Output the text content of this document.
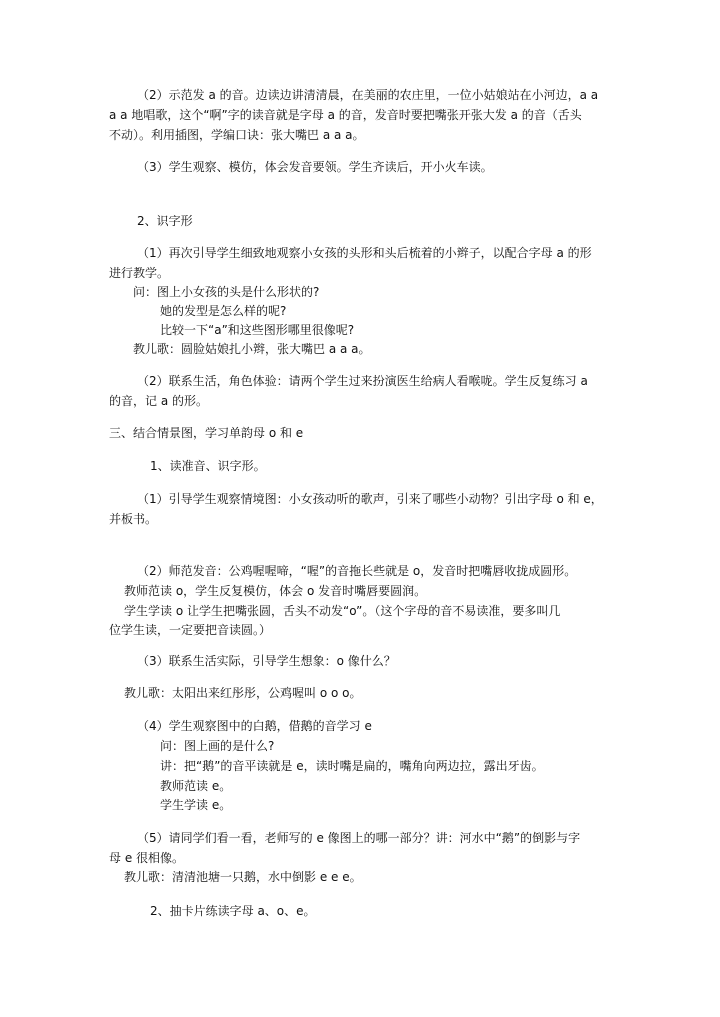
（2）示范发 a 的音。边读边讲清清晨，在美丽的农庄里，一位小姑娘站在小河边，a a

a a 地唱歌，这个“啊”字的读音就是字母 a 的音，发音时要把嘴张开张大发 a 的音（舌头

不动）。利用插图，学编口诀：张大嘴巴 a a a。

（3）学生观察、模仿，体会发音要领。学生齐读后，开小火车读。

2、识字形

（1）再次引导学生细致地观察小女孩的头形和头后梳着的小辫子，以配合字母 a 的形

进行教学。

问：图上小女孩的头是什么形状的?

她的发型是怎么样的呢?

比较一下“a”和这些图形哪里很像呢?

教儿歌：圆脸姑娘扎小辫，张大嘴巴 a a a。

（2）联系生活，角色体验：请两个学生过来扮演医生给病人看喉咙。学生反复练习 a

的音，记 a 的形。

三、结合情景图，学习单韵母 o 和 e

1、读准音、识字形。

（1）引导学生观察情境图：小女孩动听的歌声，引来了哪些小动物？引出字母 o 和 e，

并板书。

（2）师范发音：公鸡喔喔啼，“喔”的音拖长些就是 o，发音时把嘴唇收拢成圆形。

教师范读 o，学生反复模仿，体会 o 发音时嘴唇要圆润。

学生学读 o 让学生把嘴张圆，舌头不动发“o”。（这个字母的音不易读准，要多叫几

位学生读，一定要把音读圆。）

（3）联系生活实际，引导学生想象：o 像什么？

教儿歌：太阳出来红彤彤，公鸡喔叫 o o o。

（4）学生观察图中的白鹅，借鹅的音学习 e

问：图上画的是什么?

讲：把“鹅”的音平读就是 e，读时嘴是扁的，嘴角向两边拉，露出牙齿。

教师范读 e。

学生学读 e。

（5）请同学们看一看，老师写的 e 像图上的哪一部分？讲：河水中“鹅”的倒影与字

母 e 很相像。

教儿歌：清清池塘一只鹅，水中倒影 e e e。

2、抽卡片练读字母 a、o、e。
